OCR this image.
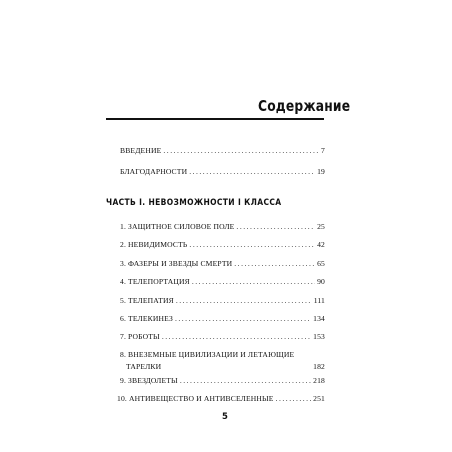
Содержание
ВВЕДЕНИЕ .....	7
БЛАГОДАРНОСТИ .....	19
ЧАСТЬ I. НЕВОЗМОЖНОСТИ I КЛАССА
1. ЗАЩИТНОЕ СИЛОВОЕ ПОЛЕ .....	25
2. НЕВИДИМОСТЬ .....	42
3. ФАЗЕРЫ И ЗВЕЗДЫ СМЕРТИ .....	65
4. ТЕЛЕПОРТАЦИЯ .....	90
5. ТЕЛЕПАТИЯ .....	111
6. ТЕЛЕКИНЕЗ .....	134
7. РОБОТЫ .....	153
8. ВНЕЗЕМНЫЕ ЦИВИЛИЗАЦИИ И ЛЕТАЮЩИЕ
ТАРЕЛКИ	182
9. ЗВЕЗДОЛЕТЫ .....	218
10. АНТИВЕЩЕСТВО И АНТИВСЕЛЕННЫЕ .....	251
5
